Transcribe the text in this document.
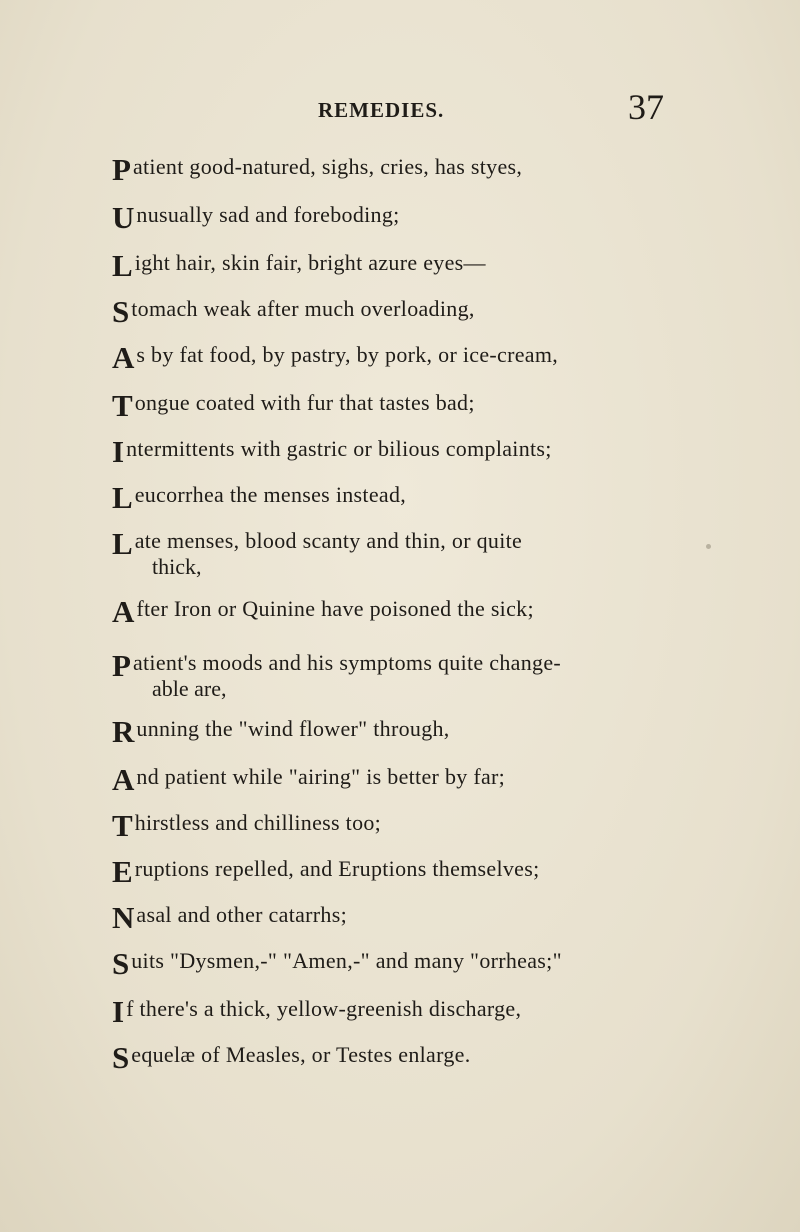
REMEDIES.	37
Patient good-natured, sighs, cries, has styes,
Unusually sad and foreboding;
Light hair, skin fair, bright azure eyes—
Stomach weak after much overloading,
As by fat food, by pastry, by pork, or ice-cream,
Tongue coated with fur that tastes bad;
Intermittents with gastric or bilious complaints;
Leucorrhea the menses instead,
Late menses, blood scanty and thin, or quite
thick,
After Iron or Quinine have poisoned the sick;
Patient's moods and his symptoms quite change-
able are,
Running the "wind flower" through,
And patient while "airing" is better by far;
Thirstless and chilliness too;
Eruptions repelled, and Eruptions themselves;
Nasal and other catarrhs;
Suits "Dysmen,-" "Amen,-" and many "orrheas;"
If there's a thick, yellow-greenish discharge,
Sequelæ of Measles, or Testes enlarge.
